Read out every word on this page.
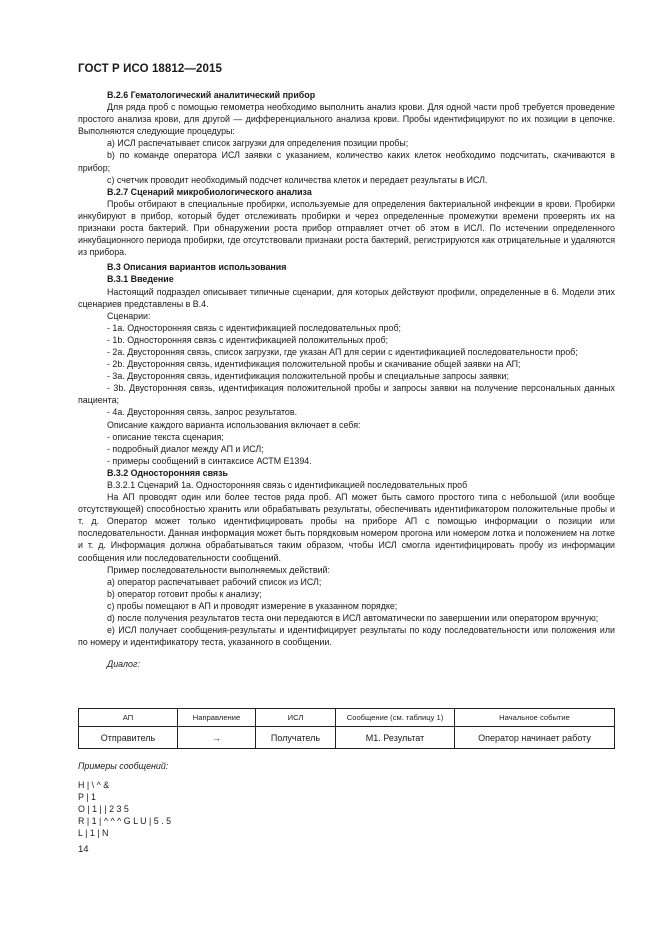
ГОСТ Р ИСО 18812—2015

B.2.6 Гематологический аналитический прибор

Для ряда проб с помощью гемометра необходимо выполнить анализ крови. Для одной части проб требуется проведение простого анализа крови, для другой — дифференциального анализа крови. Пробы идентифицируют по их позиции в цепочке. Выполняются следующие процедуры:

а) ИСЛ распечатывает список загрузки для определения позиции пробы;

b) по команде оператора ИСЛ заявки с указанием, количество каких клеток необходимо подсчитать, скачиваются в прибор;

c) счетчик проводит необходимый подсчет количества клеток и передает результаты в ИСЛ.

B.2.7 Сценарий микробиологического анализа

Пробы отбирают в специальные пробирки, используемые для определения бактериальной инфекции в крови. Пробирки инкубируют в прибор, который будет отслеживать пробирки и через определенные промежутки времени проверять их на признаки роста бактерий. При обнаружении роста прибор отправляет отчет об этом в ИСЛ. По истечении определенного инкубационного периода пробирки, где отсутствовали признаки роста бактерий, регистрируются как отрицательные и удаляются из прибора.

B.3 Описания вариантов использования

B.3.1 Введение

Настоящий подраздел описывает типичные сценарии, для которых действуют профили, определенные в 6. Модели этих сценариев представлены в B.4.

Сценарии:

- 1а. Односторонняя связь с идентификацией последовательных проб;

- 1b. Односторонняя связь с идентификацией положительных проб;

- 2a. Двусторонняя связь, список загрузки, где указан АП для серии с идентификацией последовательности проб;

- 2b. Двусторонняя связь, идентификация положительной пробы и скачивание общей заявки на АП;

- 3a. Двусторонняя связь, идентификация положительной пробы и специальные запросы заявки;

- 3b. Двусторонняя связь, идентификация положительной пробы и запросы заявки на получение персональных данных пациента;

- 4a. Двусторонняя связь, запрос результатов.

Описание каждого варианта использования включает в себя:

- описание текста сценария;

- подробный диалог между АП и ИСЛ;

- примеры сообщений в синтаксисе АСТМ Е1394.

B.3.2 Односторонняя связь

B.3.2.1 Сценарий 1а. Односторонняя связь с идентификацией последовательных проб

На АП проводят один или более тестов ряда проб. АП может быть самого простого типа с небольшой (или вообще отсутствующей) способностью хранить или обрабатывать результаты, обеспечивать идентификатором положительные пробы и т. д. Оператор может только идентифицировать пробы на приборе АП с помощью информации о позиции или последовательности. Данная информация может быть порядковым номером прогона или номером лотка и положением на лотке и т. д. Информация должна обрабатываться таким образом, чтобы ИСЛ смогла идентифицировать пробу из информации сообщения или последовательности сообщений.

Пример последовательности выполняемых действий:

а) оператор распечатывает рабочий список из ИСЛ;

b) оператор готовит пробы к анализу;

c) пробы помещают в АП и проводят измерение в указанном порядке;

d) после получения результатов теста они передаются в ИСЛ автоматически по завершении или оператором вручную;

e) ИСЛ получает сообщения-результаты и идентифицирует результаты по коду последовательности или положения или по номеру и идентификатору теста, указанного в сообщении.

Диалог:

АП	Направление	ИСЛ	Сообщение (см. таблицу 1)	Начальное событие
Отправитель	→	Получатель	M1. Результат	Оператор начинает работу
Примеры сообщений:
H | \ ^ &
P | 1
O | 1 | | 2 3 5
R | 1 | ^ ^ ^ G L U | 5 . 5
L | 1 | N
14
